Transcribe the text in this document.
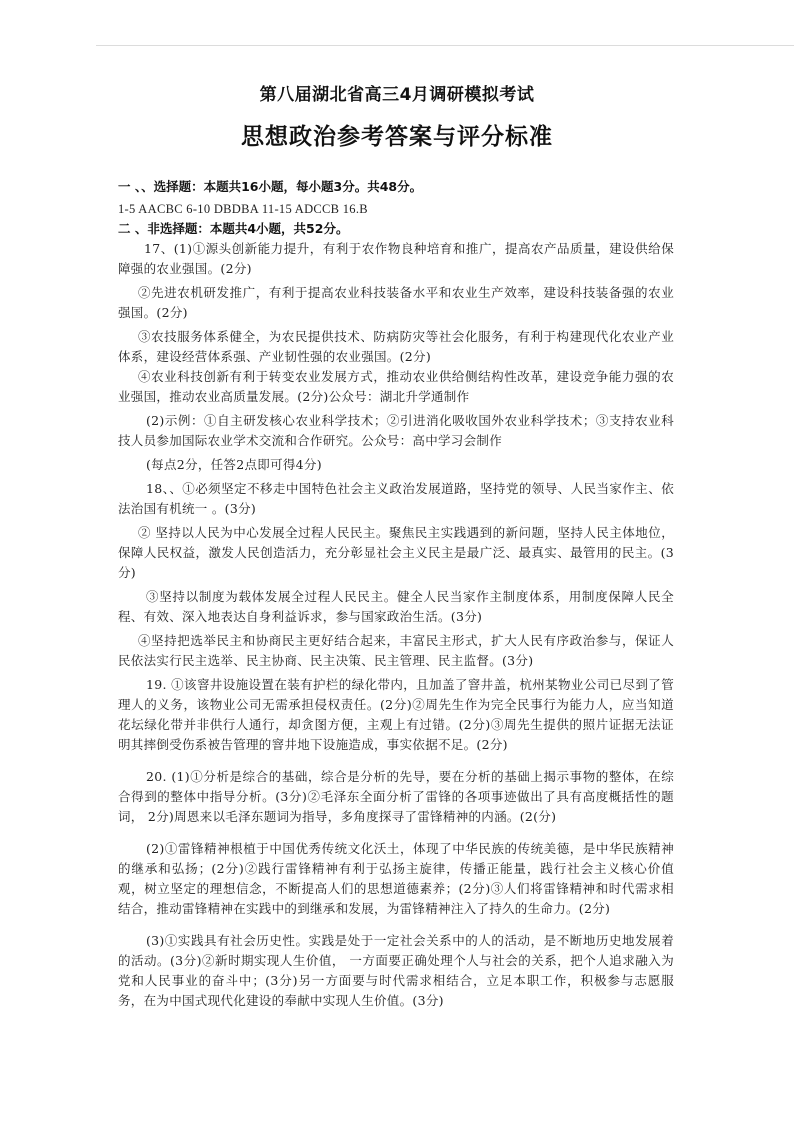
第八届湖北省高三4月调研模拟考试
思想政治参考答案与评分标准

一 、、选择题：本题共16小题，每小题3分。共48分。

1-5 AACBC 6-10 DBDBA 11-15 ADCCB 16.B

二 、非选择题：本题共4小题，共52分。

17、(1)①源头创新能力提升，有利于农作物良种培育和推广，提高农产品质量，建设供给保障强的农业强国。(2分)

②先进农机研发推广，有利于提高农业科技装备水平和农业生产效率，建设科技装备强的农业强国。(2分)

③农技服务体系健全，为农民提供技术、防病防灾等社会化服务，有利于构建现代化农业产业体系，建设经营体系强、产业韧性强的农业强国。(2分)

④农业科技创新有利于转变农业发展方式，推动农业供给侧结构性改革，建设竞争能力强的农业强国，推动农业高质量发展。(2分)公众号：湖北升学通制作

(2)示例：①自主研发核心农业科学技术；②引进消化吸收国外农业科学技术；③支持农业科技人员参加国际农业学术交流和合作研究。公众号：高中学习会制作

(每点2分，任答2点即可得4分)

18、、①必须坚定不移走中国特色社会主义政治发展道路，坚持党的领导、人民当家作主、依法治国有机统一 。(3分)

② 坚持以人民为中心发展全过程人民民主。聚焦民主实践遇到的新问题，坚持人民主体地位，保障人民权益，激发人民创造活力，充分彰显社会主义民主是最广泛、最真实、最管用的民主。(3分)

③坚持以制度为载体发展全过程人民民主。健全人民当家作主制度体系，用制度保障人民全程、有效、深入地表达自身利益诉求，参与国家政治生活。(3分)

④坚持把选举民主和协商民主更好结合起来，丰富民主形式，扩大人民有序政治参与，保证人民依法实行民主选举、民主协商、民主决策、民主管理、民主监督。(3分)

19. ①该窨井设施设置在装有护栏的绿化带内，且加盖了窨井盖，杭州某物业公司已尽到了管理人的义务，该物业公司无需承担侵权责任。(2分)②周先生作为完全民事行为能力人，应当知道花坛绿化带并非供行人通行，却贪图方便，主观上有过错。(2分)③周先生提供的照片证据无法证明其摔倒受伤系被告管理的窨井地下设施造成，事实依据不足。(2分)

20. (1)①分析是综合的基础，综合是分析的先导，要在分析的基础上揭示事物的整体，在综合得到的整体中指导分析。(3分)②毛泽东全面分析了雷锋的各项事迹做出了具有高度概括性的题词， 2分)周恩来以毛泽东题词为指导，多角度探寻了雷锋精神的内涵。(2(分)

(2)①雷锋精神根植于中国优秀传统文化沃土，体现了中华民族的传统美德，是中华民族精神的继承和弘扬；(2分)②践行雷锋精神有利于弘扬主旋律，传播正能量，践行社会主义核心价值观，树立坚定的理想信念，不断提高人们的思想道德素养；(2分)③人们将雷锋精神和时代需求相结合，推动雷锋精神在实践中的到继承和发展，为雷锋精神注入了持久的生命力。(2分)

(3)①实践具有社会历史性。实践是处于一定社会关系中的人的活动，是不断地历史地发展着的活动。(3分)②新时期实现人生价值， 一方面要正确处理个人与社会的关系，把个人追求融入为党和人民事业的奋斗中；(3分)另一方面要与时代需求相结合，立足本职工作，积极参与志愿服务，在为中国式现代化建设的奉献中实现人生价值。(3分)
